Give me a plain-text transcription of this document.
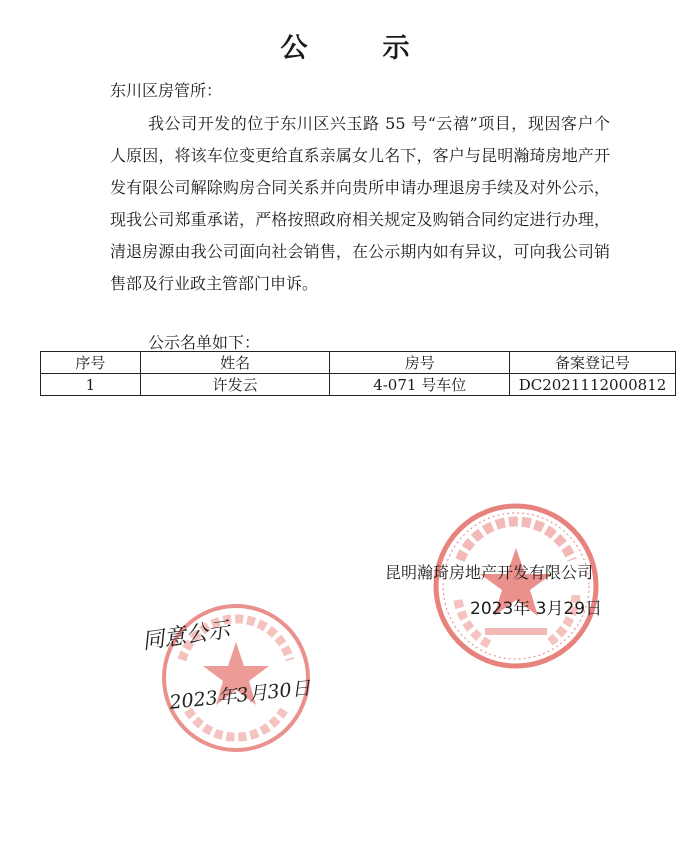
公　示
东川区房管所：

我公司开发的位于东川区兴玉路 55 号“云禧”项目，现因客户个人原因，将该车位变更给直系亲属女儿名下，客户与昆明瀚琦房地产开发有限公司解除购房合同关系并向贵所申请办理退房手续及对外公示，现我公司郑重承诺，严格按照政府相关规定及购销合同约定进行办理，清退房源由我公司面向社会销售，在公示期内如有异议，可向我公司销售部及行业政主管部门申诉。

公示名单如下：
序号	姓名	房号	备案登记号
1	许发云	4-071 号车位	DC2021112000812
昆明瀚琦房地产开发有限公司
2023年 3月29日
同意公示
2023年3月30日
